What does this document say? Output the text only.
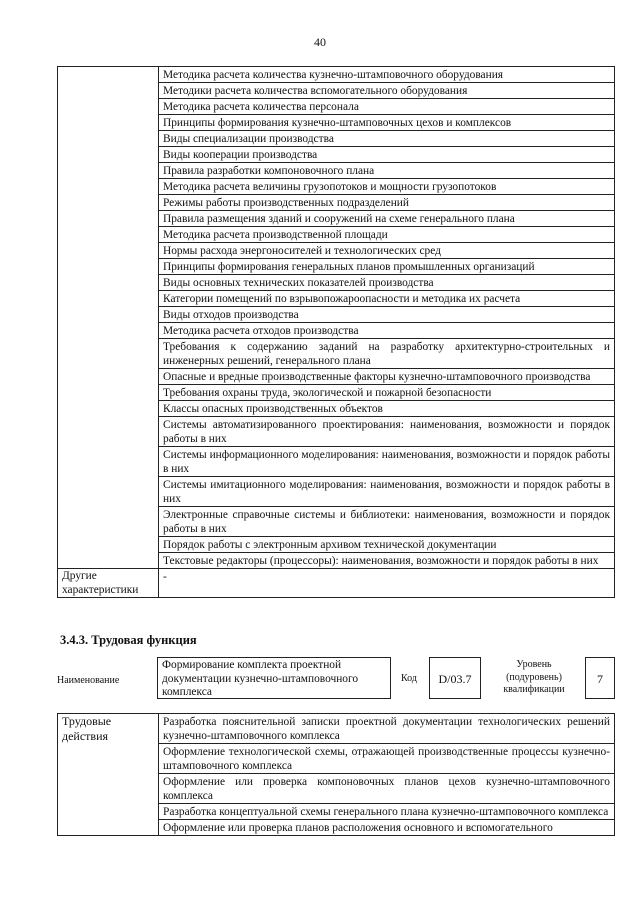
40
	Методика расчета количества кузнечно-штамповочного оборудования
	Методики расчета количества вспомогательного оборудования
	Методика расчета количества персонала
	Принципы формирования кузнечно-штамповочных цехов и комплексов
	Виды специализации производства
	Виды кооперации производства
	Правила разработки компоновочного плана
	Методика расчета величины грузопотоков и мощности грузопотоков
	Режимы работы производственных подразделений
	Правила размещения зданий и сооружений на схеме генерального плана
	Методика расчета производственной площади
	Нормы расхода энергоносителей и технологических сред
	Принципы формирования генеральных планов промышленных организаций
	Виды основных технических показателей производства
	Категории помещений по взрывопожароопасности и методика их расчета
	Виды отходов производства
	Методика расчета отходов производства
	Требования к содержанию заданий на разработку архитектурно-строительных и инженерных решений, генерального плана
	Опасные и вредные производственные факторы кузнечно-штамповочного производства
	Требования охраны труда, экологической и пожарной безопасности
	Классы опасных производственных объектов
	Системы автоматизированного проектирования: наименования, возможности и порядок работы в них
	Системы информационного моделирования: наименования, возможности и порядок работы в них
	Системы имитационного моделирования: наименования, возможности и порядок работы в них
	Электронные справочные системы и библиотеки: наименования, возможности и порядок работы в них
	Порядок работы с электронным архивом технической документации
	Текстовые редакторы (процессоры): наименования, возможности и порядок работы в них
Другие характеристики	-
3.4.3. Трудовая функция
Наименование
Формирование комплекта проектной документации кузнечно-штамповочного комплекса
Код	D/03.7
Уровень (подуровень) квалификации
7
Трудовые действия	Разработка пояснительной записки проектной документации технологических решений кузнечно-штамповочного комплекса
Оформление технологической схемы, отражающей производственные процессы кузнечно-штамповочного комплекса
Оформление или проверка компоновочных планов цехов кузнечно-штамповочного комплекса
Разработка концептуальной схемы генерального плана кузнечно-штамповочного комплекса
Оформление или проверка планов расположения основного и вспомогательного
